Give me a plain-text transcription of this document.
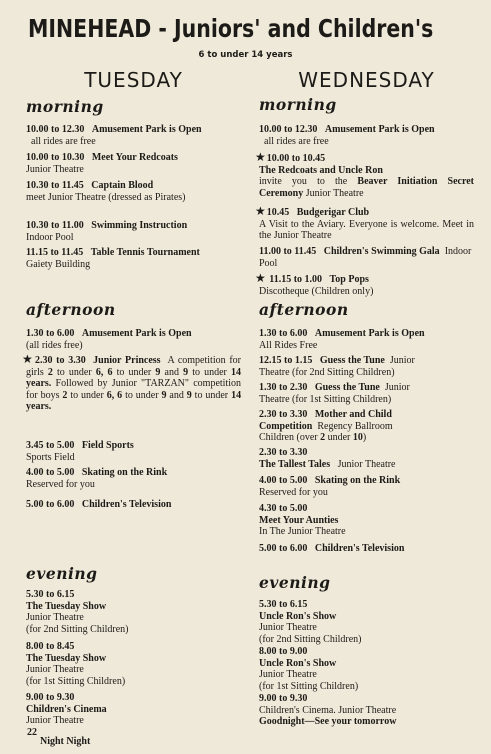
MINEHEAD - Juniors' and Children's
6 to under 14 years
TUESDAY
morning
10.00 to 12.30 Amusement Park is Open
all rides are free
10.00 to 10.30 Meet Your Redcoats
Junior Theatre
10.30 to 11.45 Captain Blood
meet Junior Theatre (dressed as Pirates)
10.30 to 11.00 Swimming Instruction
Indoor Pool
11.15 to 11.45 Table Tennis Tournament
Gaiety Building
afternoon
1.30 to 6.00 Amusement Park is Open
(all rides free)
★2.30 to 3.30 Junior Princess A competition for girls 2 to under 6, 6 to under 9 and 9 to under 14 years. Followed by Junior "TARZAN" competition for boys 2 to under 6, 6 to under 9 and 9 to under 14 years.
3.45 to 5.00 Field Sports
Sports Field
4.00 to 5.00 Skating on the Rink
Reserved for you
5.00 to 6.00 Children's Television
evening
5.30 to 6.15
The Tuesday Show
Junior Theatre
(for 2nd Sitting Children)
8.00 to 8.45
The Tuesday Show
Junior Theatre
(for 1st Sitting Children)
9.00 to 9.30
Children's Cinema
Junior Theatre
Night Night
WEDNESDAY
morning
10.00 to 12.30 Amusement Park is Open
all rides are free
★10.00 to 10.45
The Redcoats and Uncle Ron
invite you to the Beaver Initiation Secret Ceremony Junior Theatre
★10.45 Budgerigar Club
A Visit to the Aviary. Everyone is welcome. Meet in the Junior Theatre
11.00 to 11.45 Children's Swimming Gala Indoor Pool
★ 11.15 to 1.00 Top Pops
Discotheque (Children only)
afternoon
1.30 to 6.00 Amusement Park is Open
All Rides Free
12.15 to 1.15 Guess the Tune Junior
Theatre (for 2nd Sitting Children)
1.30 to 2.30 Guess the Tune Junior
Theatre (for 1st Sitting Children)
2.30 to 3.30 Mother and Child
Competition Regency Ballroom
Children (over 2 under 10)
2.30 to 3.30
The Tallest Tales Junior Theatre
4.00 to 5.00 Skating on the Rink
Reserved for you
4.30 to 5.00
Meet Your Aunties
In The Junior Theatre
5.00 to 6.00 Children's Television
evening
5.30 to 6.15
Uncle Ron's Show
Junior Theatre
(for 2nd Sitting Children)
8.00 to 9.00
Uncle Ron's Show
Junior Theatre
(for 1st Sitting Children)
9.00 to 9.30
Children's Cinema. Junior Theatre
Goodnight—See your tomorrow
22
